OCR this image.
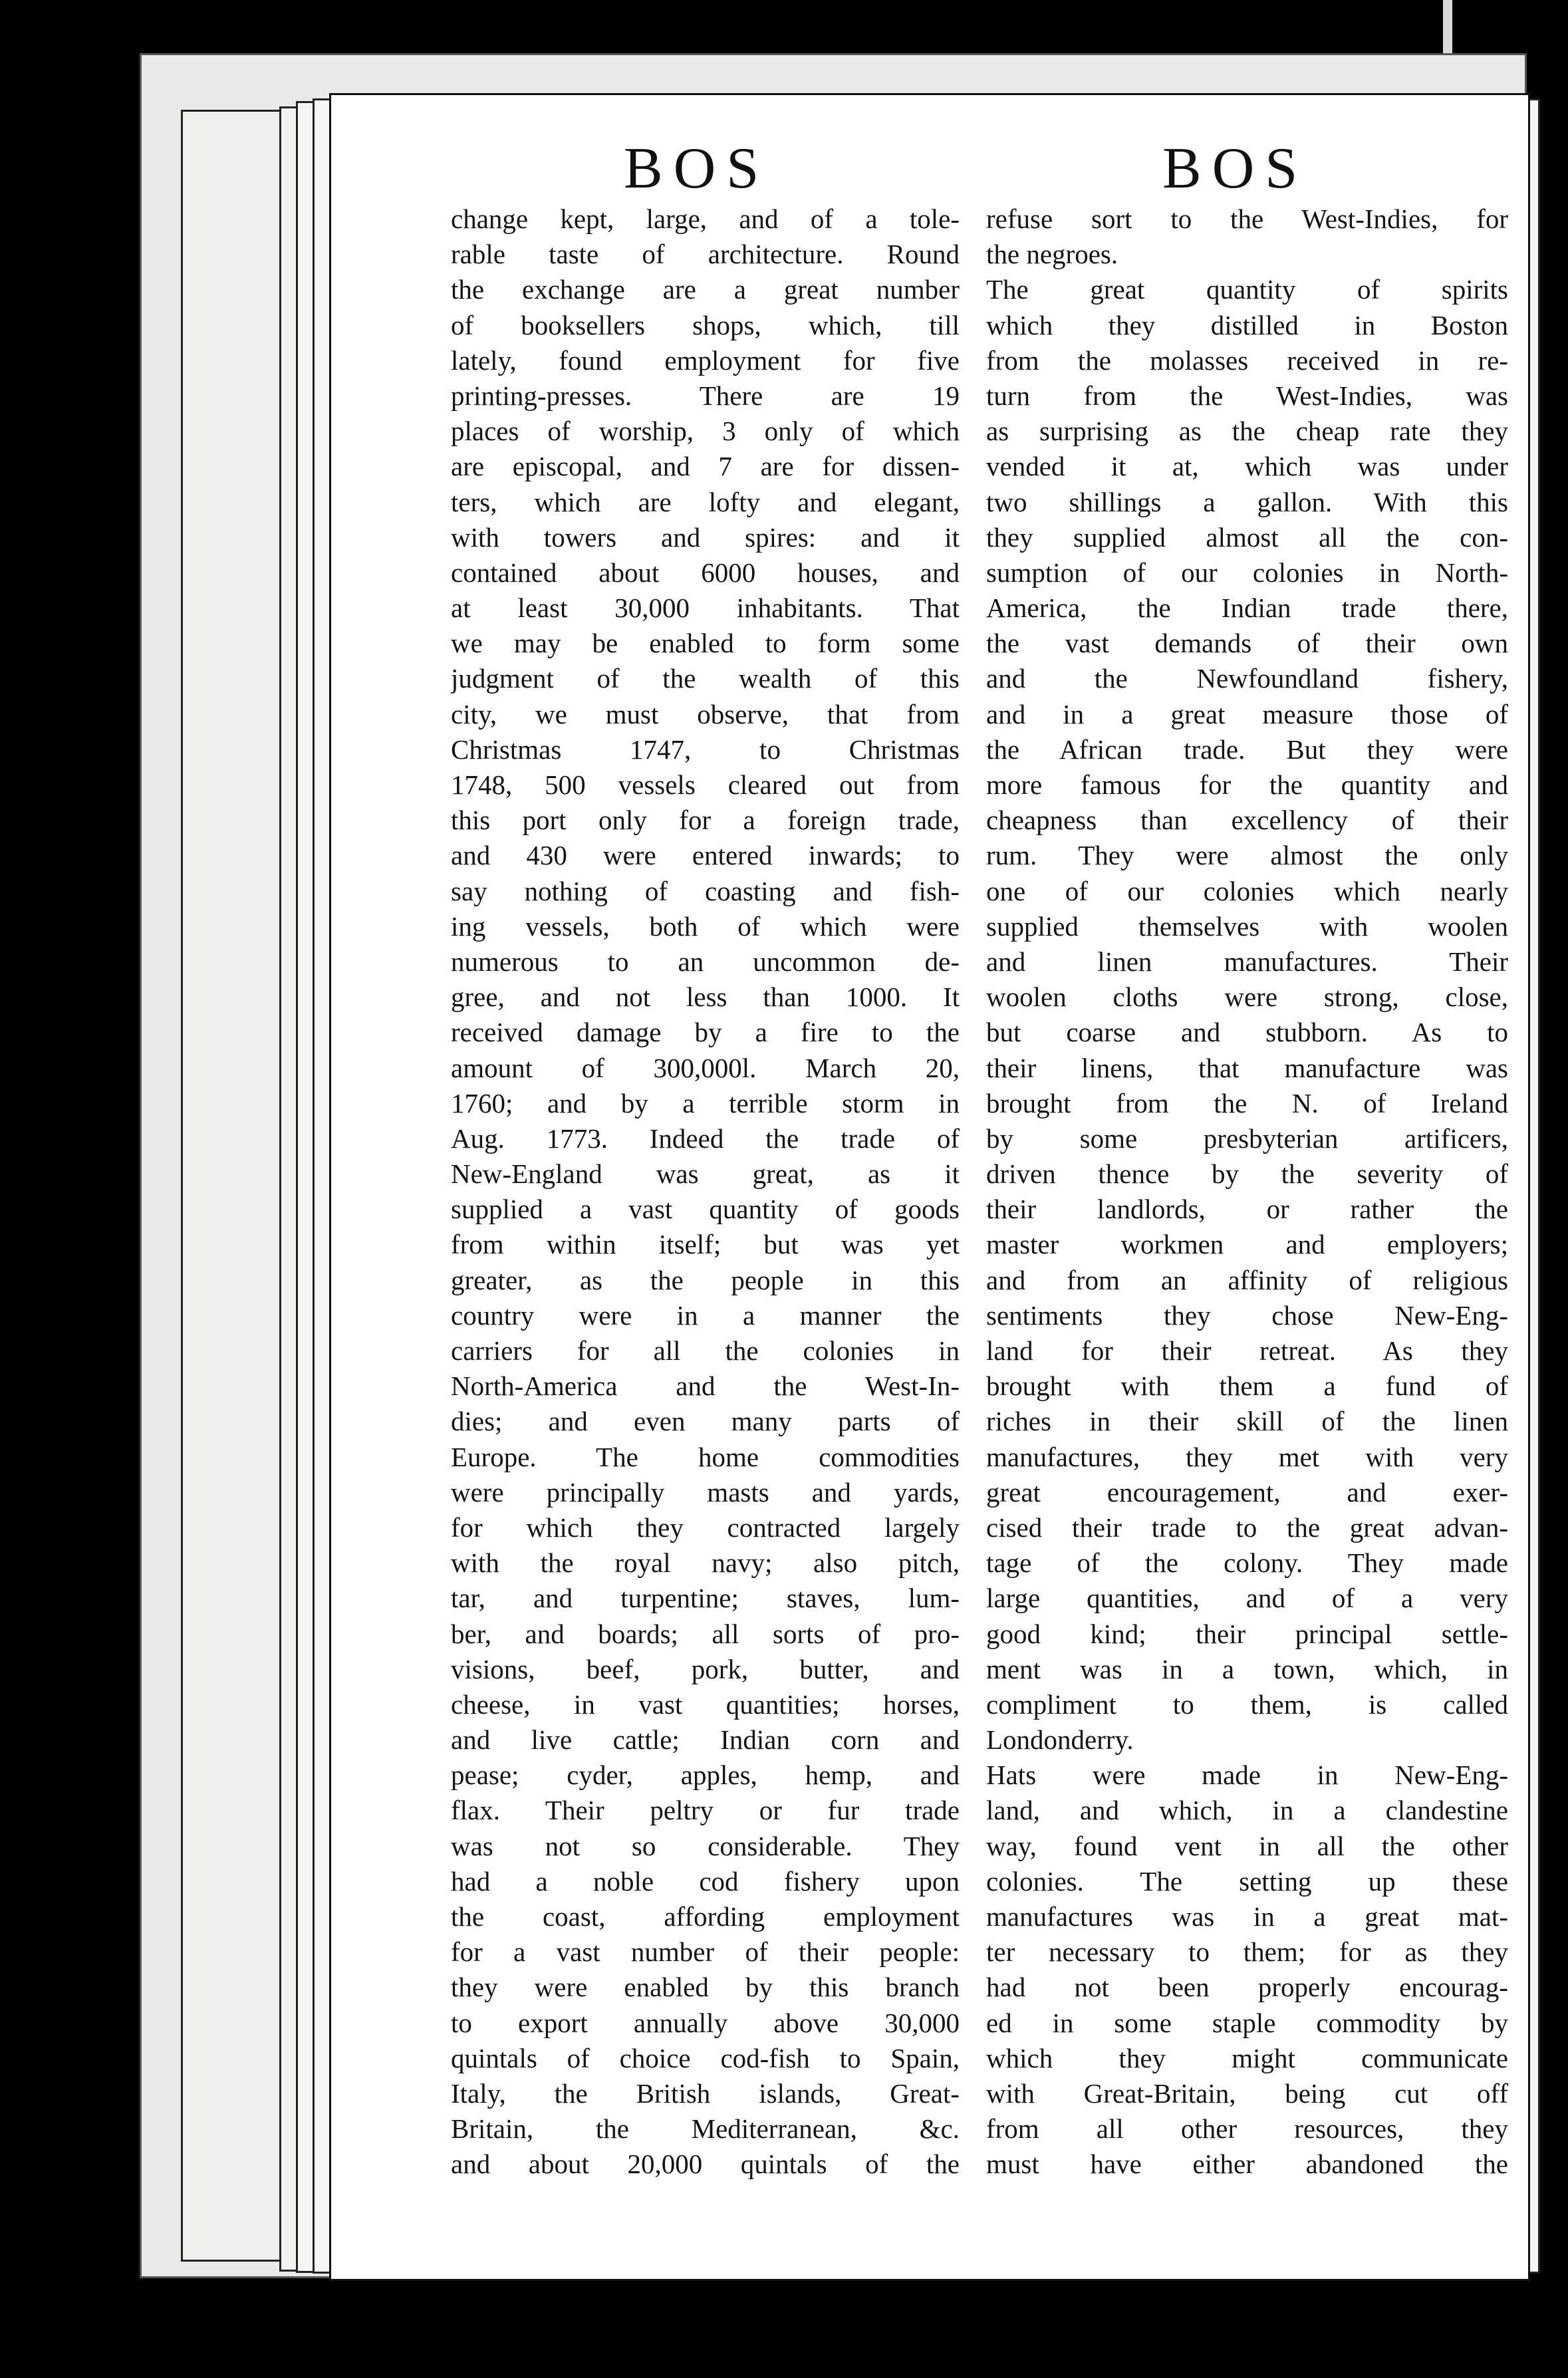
BOS	BOS
change kept, large, and of a tole-
rable taste of architecture. Round
the exchange are a great number
of booksellers shops, which, till
lately, found employment for five
printing-presses. There are 19
places of worship, 3 only of which
are episcopal, and 7 are for dissen-
ters, which are lofty and elegant,
with towers and spires: and it
contained about 6000 houses, and
at least 30,000 inhabitants. That
we may be enabled to form some
judgment of the wealth of this
city, we must observe, that from
Christmas 1747, to Christmas
1748, 500 vessels cleared out from
this port only for a foreign trade,
and 430 were entered inwards; to
say nothing of coasting and fish-
ing vessels, both of which were
numerous to an uncommon de-
gree, and not less than 1000. It
received damage by a fire to the
amount of 300,000l. March 20,
1760; and by a terrible storm in
Aug. 1773. Indeed the trade of
New-England was great, as it
supplied a vast quantity of goods
from within itself; but was yet
greater, as the people in this
country were in a manner the
carriers for all the colonies in
North-America and the West-In-
dies; and even many parts of
Europe. The home commodities
were principally masts and yards,
for which they contracted largely
with the royal navy; also pitch,
tar, and turpentine; staves, lum-
ber, and boards; all sorts of pro-
visions, beef, pork, butter, and
cheese, in vast quantities; horses,
and live cattle; Indian corn and
pease; cyder, apples, hemp, and
flax. Their peltry or fur trade
was not so considerable. They
had a noble cod fishery upon
the coast, affording employment
for a vast number of their people:
they were enabled by this branch
to export annually above 30,000
quintals of choice cod-fish to Spain,
Italy, the British islands, Great-
Britain, the Mediterranean, &c.
and about 20,000 quintals of the
refuse sort to the West-Indies, for
the negroes.
The great quantity of spirits
which they distilled in Boston
from the molasses received in re-
turn from the West-Indies, was
as surprising as the cheap rate they
vended it at, which was under
two shillings a gallon. With this
they supplied almost all the con-
sumption of our colonies in North-
America, the Indian trade there,
the vast demands of their own
and the Newfoundland fishery,
and in a great measure those of
the African trade. But they were
more famous for the quantity and
cheapness than excellency of their
rum. They were almost the only
one of our colonies which nearly
supplied themselves with woolen
and linen manufactures. Their
woolen cloths were strong, close,
but coarse and stubborn. As to
their linens, that manufacture was
brought from the N. of Ireland
by some presbyterian artificers,
driven thence by the severity of
their landlords, or rather the
master workmen and employers;
and from an affinity of religious
sentiments they chose New-Eng-
land for their retreat. As they
brought with them a fund of
riches in their skill of the linen
manufactures, they met with very
great encouragement, and exer-
cised their trade to the great advan-
tage of the colony. They made
large quantities, and of a very
good kind; their principal settle-
ment was in a town, which, in
compliment to them, is called
Londonderry.
Hats were made in New-Eng-
land, and which, in a clandestine
way, found vent in all the other
colonies. The setting up these
manufactures was in a great mat-
ter necessary to them; for as they
had not been properly encourag-
ed in some staple commodity by
which they might communicate
with Great-Britain, being cut off
from all other resources, they
must have either abandoned the
